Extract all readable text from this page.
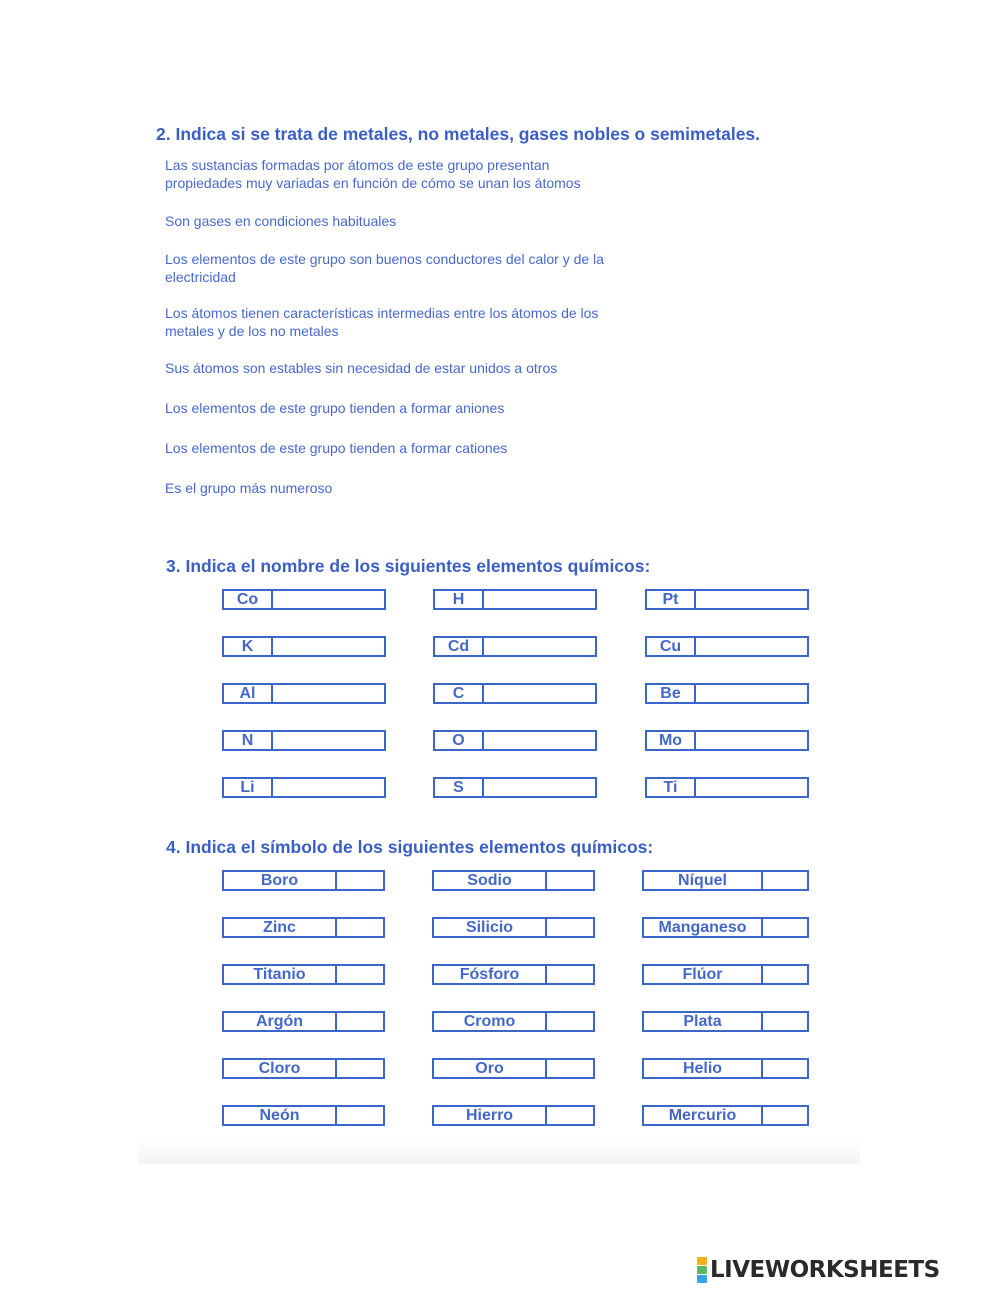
2. Indica si se trata de metales, no metales, gases nobles o semimetales.
Las sustancias formadas por átomos de este grupo presentan
propiedades muy variadas en función de cómo se unan los átomos
Son gases en condiciones habituales
Los elementos de este grupo son buenos conductores del calor y de la
electricidad
Los átomos tienen características intermedias entre los átomos de los
metales y de los no metales
Sus átomos son estables sin necesidad de estar unidos a otros
Los elementos de este grupo tienden a formar aniones
Los elementos de este grupo tienden a formar cationes
Es el grupo más numeroso
3. Indica el nombre de los siguientes elementos químicos:
Co	H	Pt
K	Cd	Cu
Al	C	Be
N	O	Mo
Li	S	Ti
4. Indica el símbolo de los siguientes elementos químicos:
Boro	Sodio	Níquel
Zinc	Silicio	Manganeso
Titanio	Fósforo	Flúor
Argón	Cromo	Plata
Cloro	Oro	Helio
Neón	Hierro	Mercurio
LIVEWORKSHEETS
